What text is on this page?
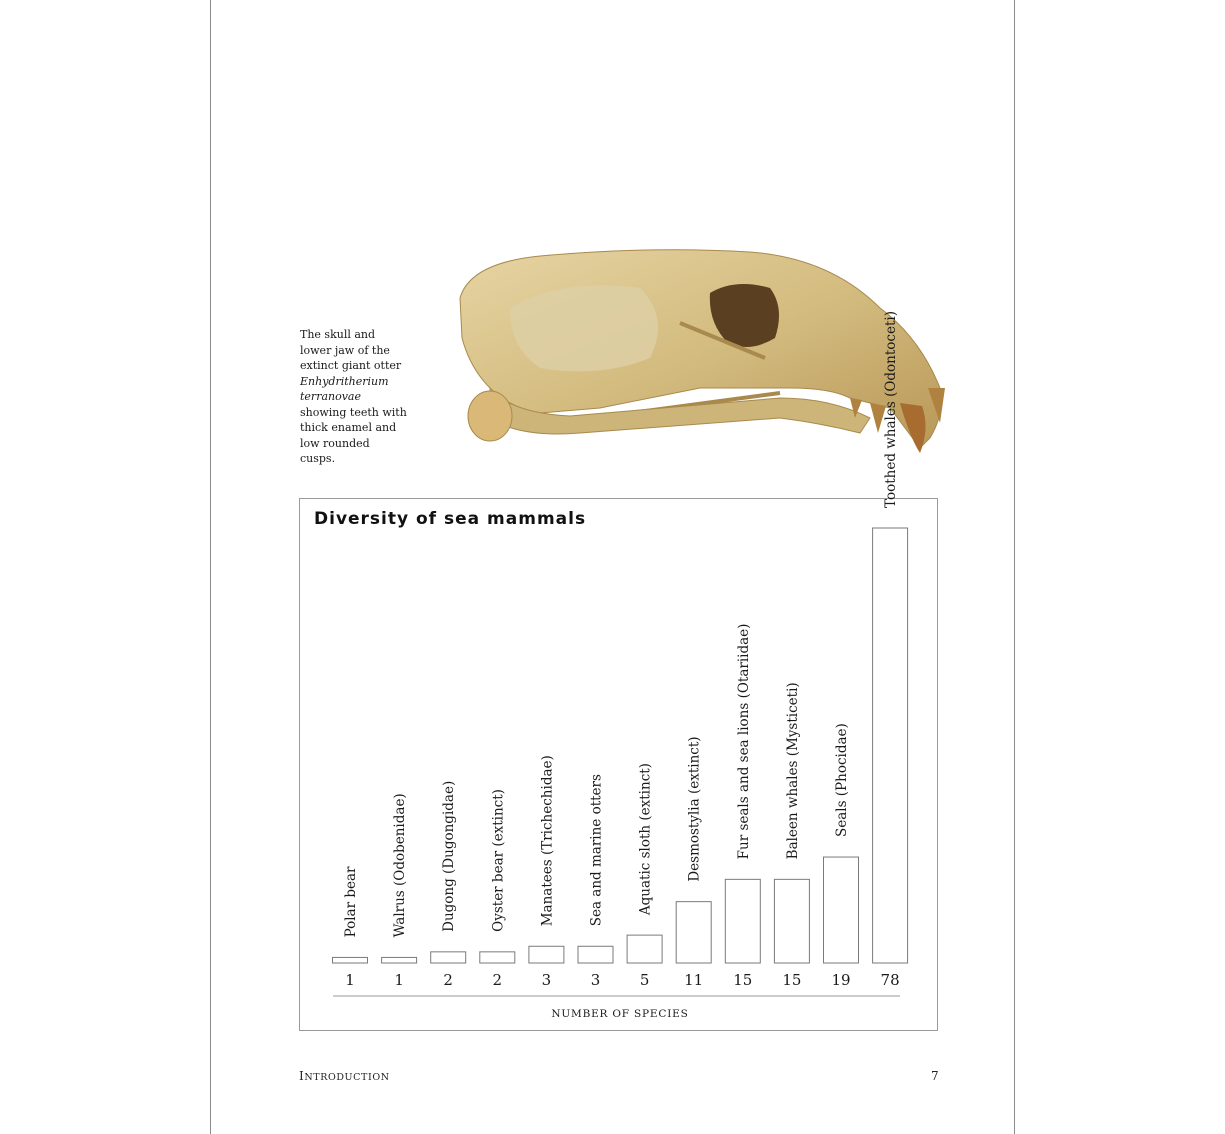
The skull and lower jaw of the extinct giant otter Enhydritherium terranovae showing teeth with thick enamel and low rounded cusps.
Diversity of sea mammals
Polar bear
1
Walrus (Odobenidae)
1
Dugong (Dugongidae)
2
Oyster bear (extinct)
2
Manatees (Trichechidae)
3
Sea and marine otters
3
Aquatic sloth (extinct)
5
Desmostylia (extinct)
11
Fur seals and sea lions (Otariidae)
15
Baleen whales (Mysticeti)
15
Seals (Phocidae)
19
Toothed whales (Odontoceti)
78
NUMBER OF SPECIES
INTRODUCTION	7
